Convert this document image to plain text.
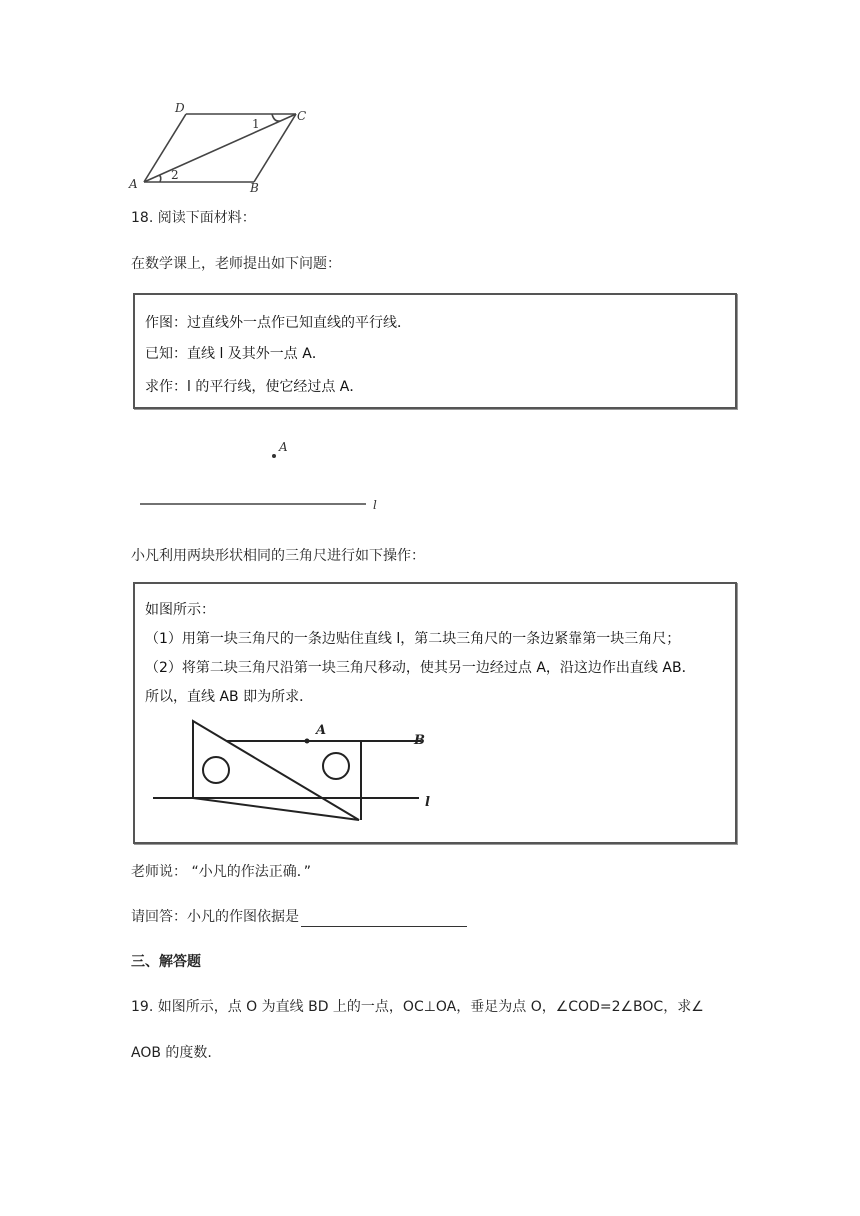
D
C
A	B
1
2
18. 阅读下面材料：
在数学课上，老师提出如下问题：
作图：过直线外一点作已知直线的平行线．
已知：直线 l 及其外一点 A．
求作：l 的平行线，使它经过点 A．
A
l
小凡利用两块形状相同的三角尺进行如下操作：
如图所示：
（1）用第一块三角尺的一条边贴住直线 l，第二块三角尺的一条边紧靠第一块三角尺；
（2）将第二块三角尺沿第一块三角尺移动，使其另一边经过点 A，沿这边作出直线 AB．
所以，直线 AB 即为所求．
A
B
l
老师说： “小凡的作法正确．”
请回答：小凡的作图依据是
三、解答题
19. 如图所示，点 O 为直线 BD 上的一点，OC⊥OA，垂足为点 O，∠COD=2∠BOC，求∠
AOB 的度数.
